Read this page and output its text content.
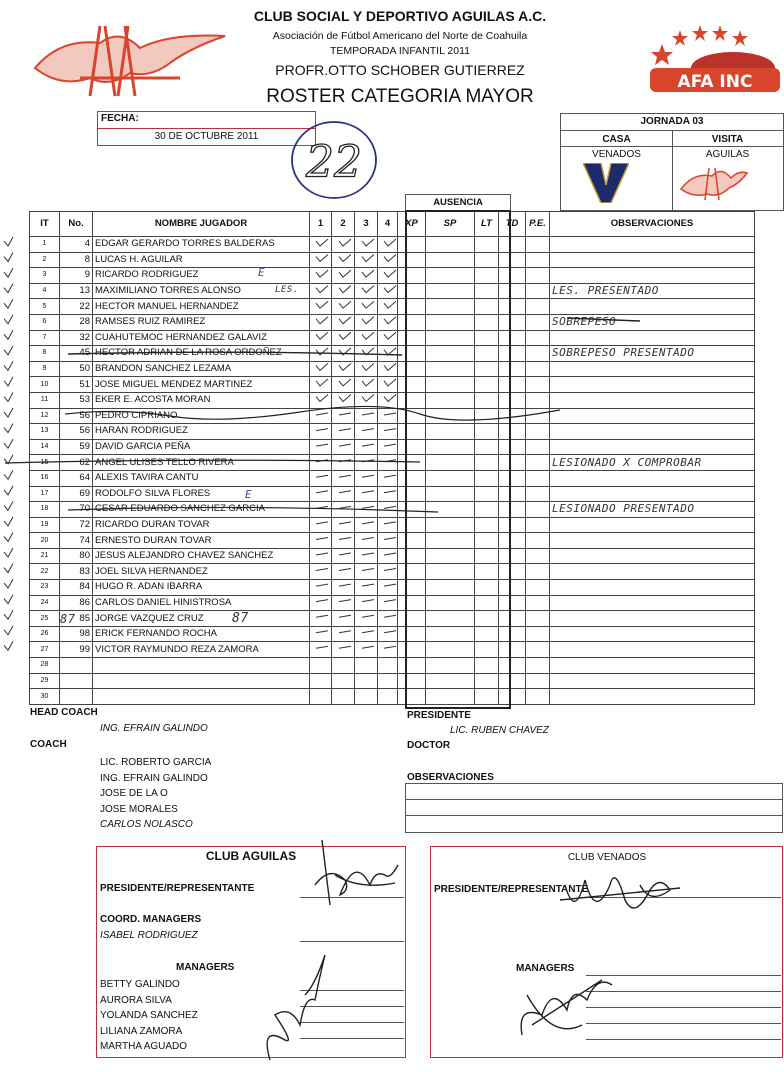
AFA INC
CLUB SOCIAL Y DEPORTIVO AGUILAS A.C.
Asociación de Fútbol Americano del Norte de Coahuila
TEMPORADA INFANTIL 2011
PROFR.OTTO SCHOBER GUTIERREZ
ROSTER CATEGORIA MAYOR
FECHA:
30 DE OCTUBRE 2011
22
JORNADA 03
CASA	VISITA
VENADOS	AGUILAS
IT	No.	NOMBRE JUGADOR	1	2	3	4	XP	SP	LT	TD	P.E.	OBSERVACIONES
1	4	EDGAR GERARDO TORRES BALDERAS										
2	8	LUCAS H. AGUILAR										
3	9	RICARDO RODRIGUEZ										
4	13	MAXIMILIANO TORRES ALONSO										LES. PRESENTADO
5	22	HECTOR MANUEL HERNANDEZ										
6	28	RAMSES RUIZ RAMIREZ										SOBREPESO
7	32	CUAHUTEMOC HERNANDEZ GALAVIZ										
8	45	HECTOR ADRIAN DE LA ROSA ORDOÑEZ										SOBREPESO PRESENTADO
9	50	BRANDON SANCHEZ LEZAMA										
10	51	JOSE MIGUEL MENDEZ MARTINEZ										
11	53	EKER E. ACOSTA MORAN										
12	56	PEDRO CIPRIANO										
13	56	HARAN RODRIGUEZ										
14	59	DAVID GARCIA PEÑA										
15	62	ANGEL ULISES TELLO RIVERA										LESIONADO X COMPROBAR
16	64	ALEXIS TAVIRA CANTU										
17	69	RODOLFO SILVA FLORES										
18	70	CESAR EDUARDO SANCHEZ GARCIA										LESIONADO PRESENTADO
19	72	RICARDO DURAN TOVAR										
20	74	ERNESTO DURAN TOVAR										
21	80	JESUS ALEJANDRO CHAVEZ SANCHEZ										
22	83	JOEL SILVA HERNANDEZ										
23	84	HUGO R. ADAN IBARRA										
24	86	CARLOS DANIEL HINISTROSA										
25	85	JORGE VAZQUEZ CRUZ										
26	98	ERICK FERNANDO ROCHA										
27	99	VICTOR RAYMUNDO REZA ZAMORA										
28												
29												
30												
AUSENCIA
LES.
E
E
87	87
HEAD COACH
ING. EFRAIN GALINDO
COACH
LIC. ROBERTO GARCIA
ING. EFRAIN GALINDO
JOSE DE LA O
JOSE MORALES
CARLOS NOLASCO
PRESIDENTE
LIC. RUBEN CHAVEZ
DOCTOR
OBSERVACIONES
CLUB AGUILAS	CLUB VENADOS
PRESIDENTE/REPRESENTANTE	PRESIDENTE/REPRESENTANTE
COORD. MANAGERS
ISABEL RODRIGUEZ
MANAGERS	MANAGERS
BETTY GALINDO
AURORA SILVA
YOLANDA SANCHEZ
LILIANA ZAMORA
MARTHA AGUADO
